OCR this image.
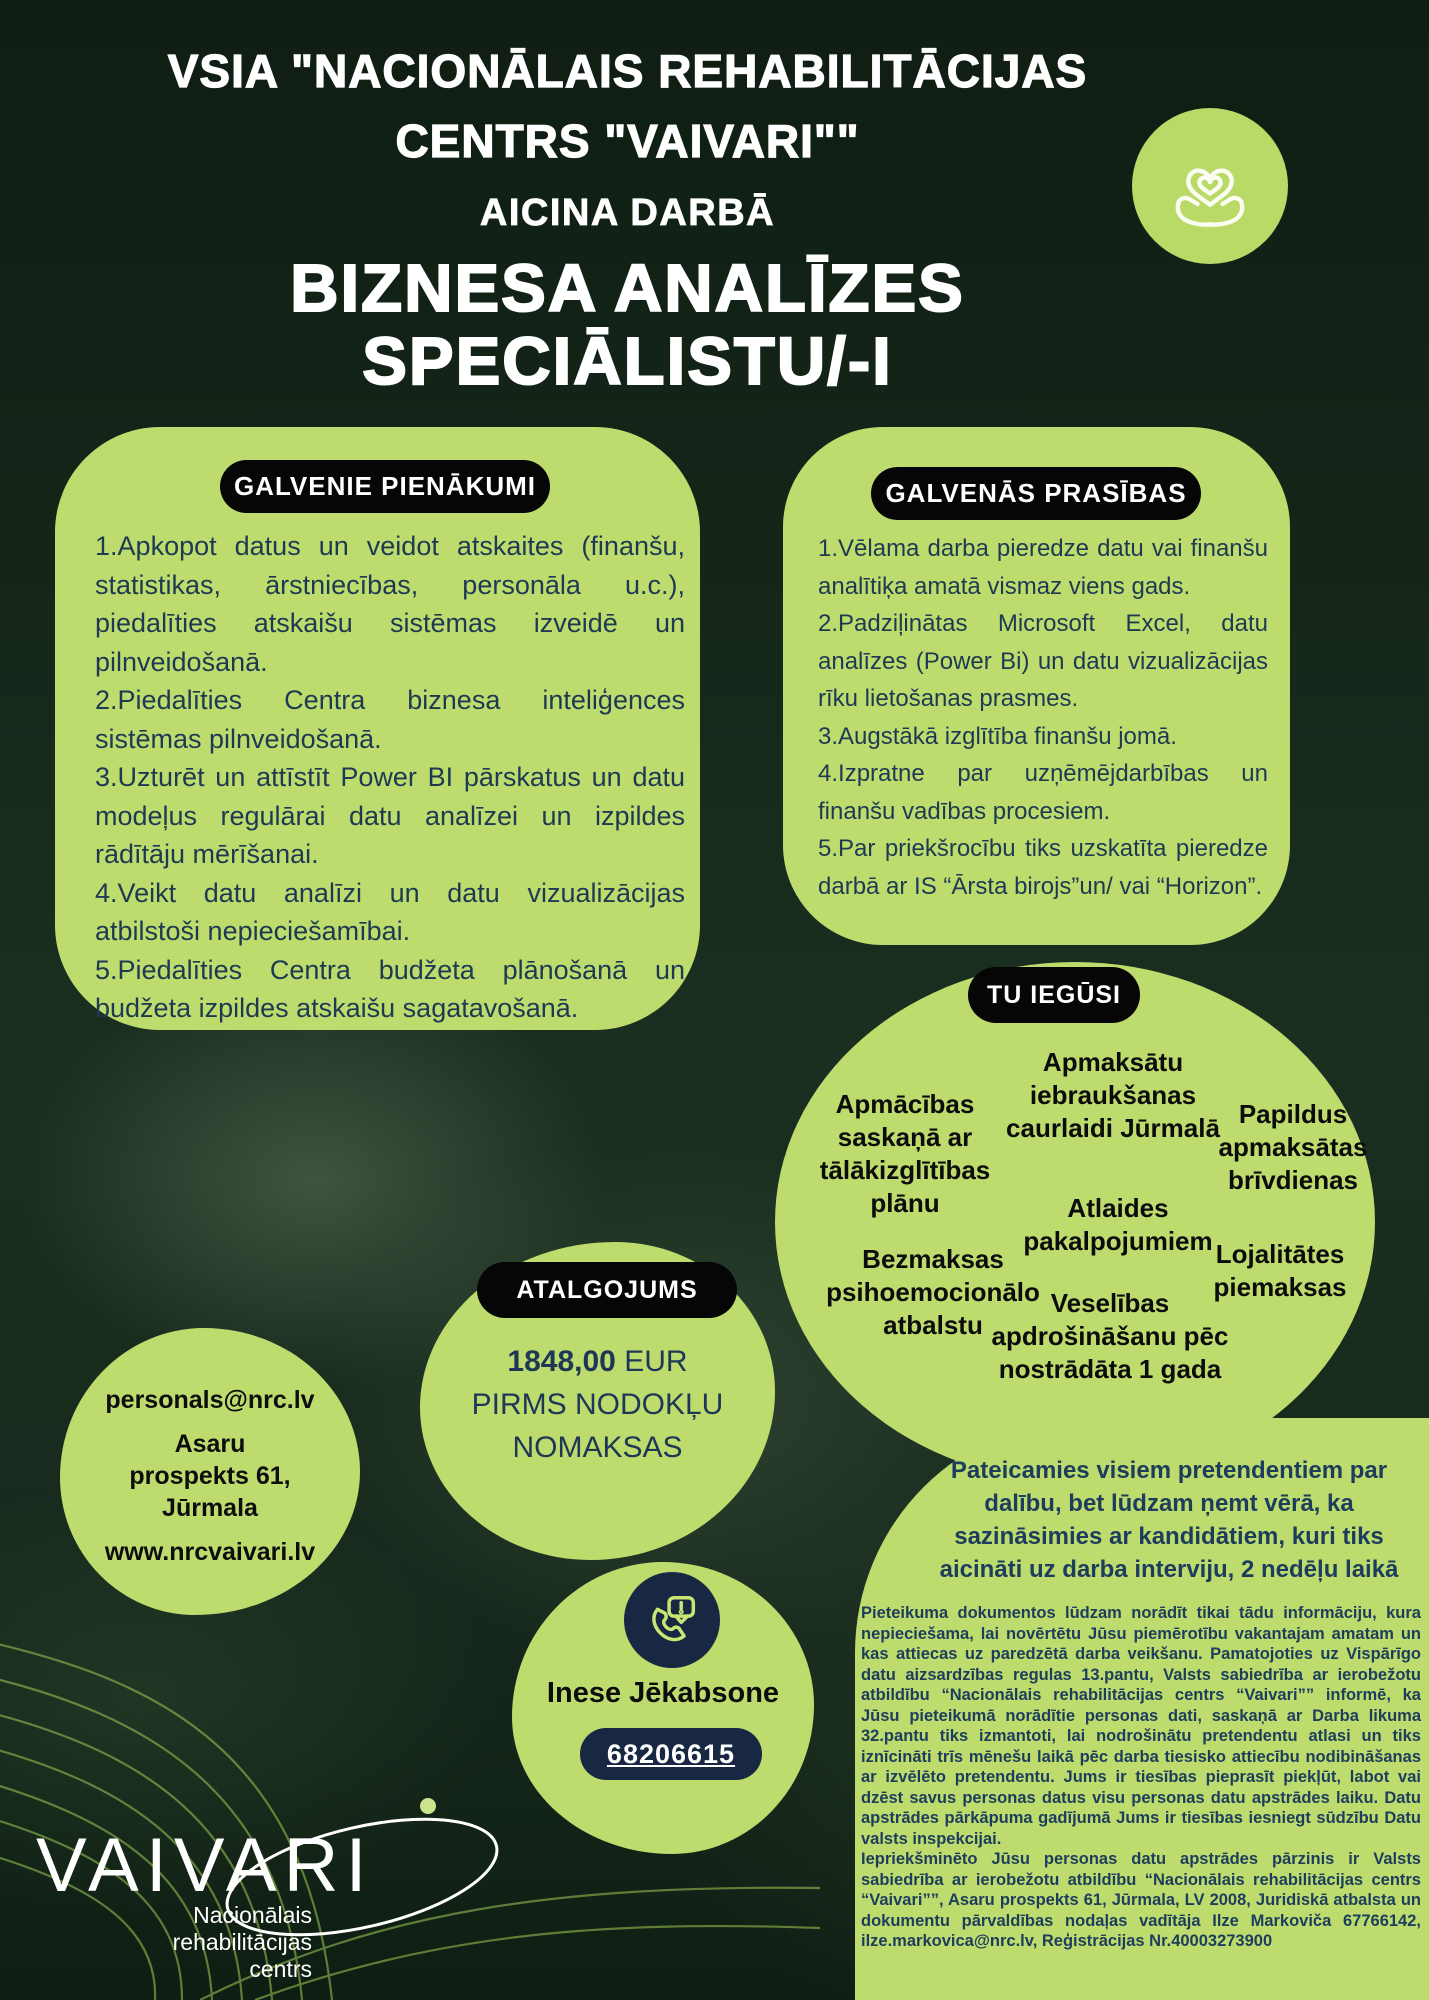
VSIA "NACIONĀLAIS REHABILITĀCIJAS
CENTRS "VAIVARI""
AICINA DARBĀ
BIZNESA ANALĪZES
SPECIĀLISTU/-I
GALVENIE PIENĀKUMI
Apkopot datus un veidot atskaites (finanšu, statistikas, ārstniecības, personāla u.c.), piedalīties atskaišu sistēmas izveidē un pilnveidošanā.
Piedalīties Centra biznesa inteliģences sistēmas pilnveidošanā.
Uzturēt un attīstīt Power BI pārskatus un datu modeļus regulārai datu analīzei un izpildes rādītāju mērīšanai.
Veikt datu analīzi un datu vizualizācijas atbilstoši nepieciešamībai.
Piedalīties Centra budžeta plānošanā un budžeta izpildes atskaišu sagatavošanā.
GALVENĀS PRASĪBAS
Vēlama darba pieredze datu vai finanšu analītiķa amatā vismaz viens gads.
Padziļinātas Microsoft Excel, datu analīzes (Power Bi) un datu vizualizācijas rīku lietošanas prasmes.
Augstākā izglītība finanšu jomā.
Izpratne par uzņēmējdarbības un finanšu vadības procesiem.
Par priekšrocību tiks uzskatīta pieredze darbā ar IS “Ārsta birojs”un/ vai “Horizon”.
TU IEGŪSI
Apmācības saskaņā ar tālākizglītības plānu
Apmaksātu iebraukšanas caurlaidi Jūrmalā Papildus apmaksātas brīvdienas
Atlaides pakalpojumiem
Bezmaksas psihoemocionālo atbalstu
Veselības apdrošināšanu pēc nostrādāta 1 gada
Lojalitātes piemaksas
ATALGOJUMS
1848,00 EUR
PIRMS NODOKĻU
NOMAKSAS
personals@nrc.lv
Asaru
prospekts 61,
Jūrmala
www.nrcvaivari.lv
Inese Jēkabsone
68206615
Pateicamies visiem pretendentiem par dalību, bet lūdzam ņemt vērā, ka sazināsimies ar kandidātiem, kuri tiks aicināti uz darba interviju, 2 nedēļu laikā

Pieteikuma dokumentos lūdzam norādīt tikai tādu informāciju, kura nepieciešama, lai novērtētu Jūsu piemērotību vakantajam amatam un kas attiecas uz paredzētā darba veikšanu. Pamatojoties uz Vispārīgo datu aizsardzības regulas 13.pantu, Valsts sabiedrība ar ierobežotu atbildību “Nacionālais rehabilitācijas centrs “Vaivari”” informē, ka Jūsu pieteikumā norādītie personas dati, saskaņā ar Darba likuma 32.pantu tiks izmantoti, lai nodrošinātu pretendentu atlasi un tiks iznīcināti trīs mēnešu laikā pēc darba tiesisko attiecību nodibināšanas ar izvēlēto pretendentu. Jums ir tiesības pieprasīt piekļūt, labot vai dzēst savus personas datus visu personas datu apstrādes laiku. Datu apstrādes pārkāpuma gadījumā Jums ir tiesības iesniegt sūdzību Datu valsts inspekcijai.

Iepriekšminēto Jūsu personas datu apstrādes pārzinis ir Valsts sabiedrība ar ierobežotu atbildību “Nacionālais rehabilitācijas centrs “Vaivari””, Asaru prospekts 61, Jūrmala, LV 2008, Juridiskā atbalsta un dokumentu pārvaldības nodaļas vadītāja Ilze Markoviča 67766142, ilze.markovica@nrc.lv, Reģistrācijas Nr.40003273900

VAIVARI
Nacionālais
rehabilitācijas
centrs
